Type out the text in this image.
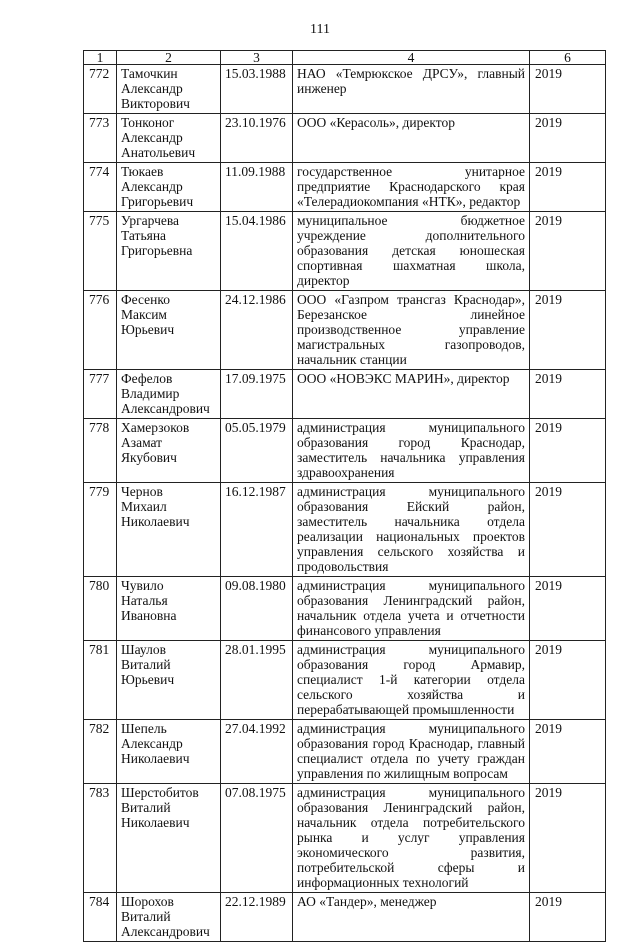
111
1	2	3	4	6
772	Тамочкин
Александр
Викторович	15.03.1988	НАО «Темрюкское ДРСУ», главный инженер	2019
773	Тонконог
Александр
Анатольевич	23.10.1976	ООО «Керасоль», директор	2019
774	Тюкаев
Александр
Григорьевич	11.09.1988	государственное унитарное предприятие Краснодарского края «Телерадиокомпания «НТК», редактор	2019
775	Ургарчева
Татьяна
Григорьевна	15.04.1986	муниципальное бюджетное учреждение дополнительного образования детская юношеская спортивная шахматная школа, директор	2019
776	Фесенко
Максим
Юрьевич	24.12.1986	ООО «Газпром трансгаз Краснодар», Березанское линейное производственное управление магистральных газопроводов, начальник станции	2019
777	Фефелов
Владимир
Александрович	17.09.1975	ООО «НОВЭКС МАРИН», директор	2019
778	Хамерзоков
Азамат
Якубович	05.05.1979	администрация муниципального образования город Краснодар, заместитель начальника управления здравоохранения	2019
779	Чернов
Михаил
Николаевич	16.12.1987	администрация муниципального образования Ейский район, заместитель начальника отдела реализации национальных проектов управления сельского хозяйства и продовольствия	2019
780	Чувило
Наталья
Ивановна	09.08.1980	администрация муниципального образования Ленинградский район, начальник отдела учета и отчетности финансового управления	2019
781	Шаулов
Виталий
Юрьевич	28.01.1995	администрация муниципального образования город Армавир, специалист 1-й категории отдела сельского хозяйства и перерабатывающей промышленности	2019
782	Шепель
Александр
Николаевич	27.04.1992	администрация муниципального образования город Краснодар, главный специалист отдела по учету граждан управления по жилищным вопросам	2019
783	Шерстобитов
Виталий
Николаевич	07.08.1975	администрация муниципального образования Ленинградский район, начальник отдела потребительского рынка и услуг управления экономического развития, потребительской сферы и информационных технологий	2019
784	Шорохов
Виталий
Александрович	22.12.1989	АО «Тандер», менеджер	2019
